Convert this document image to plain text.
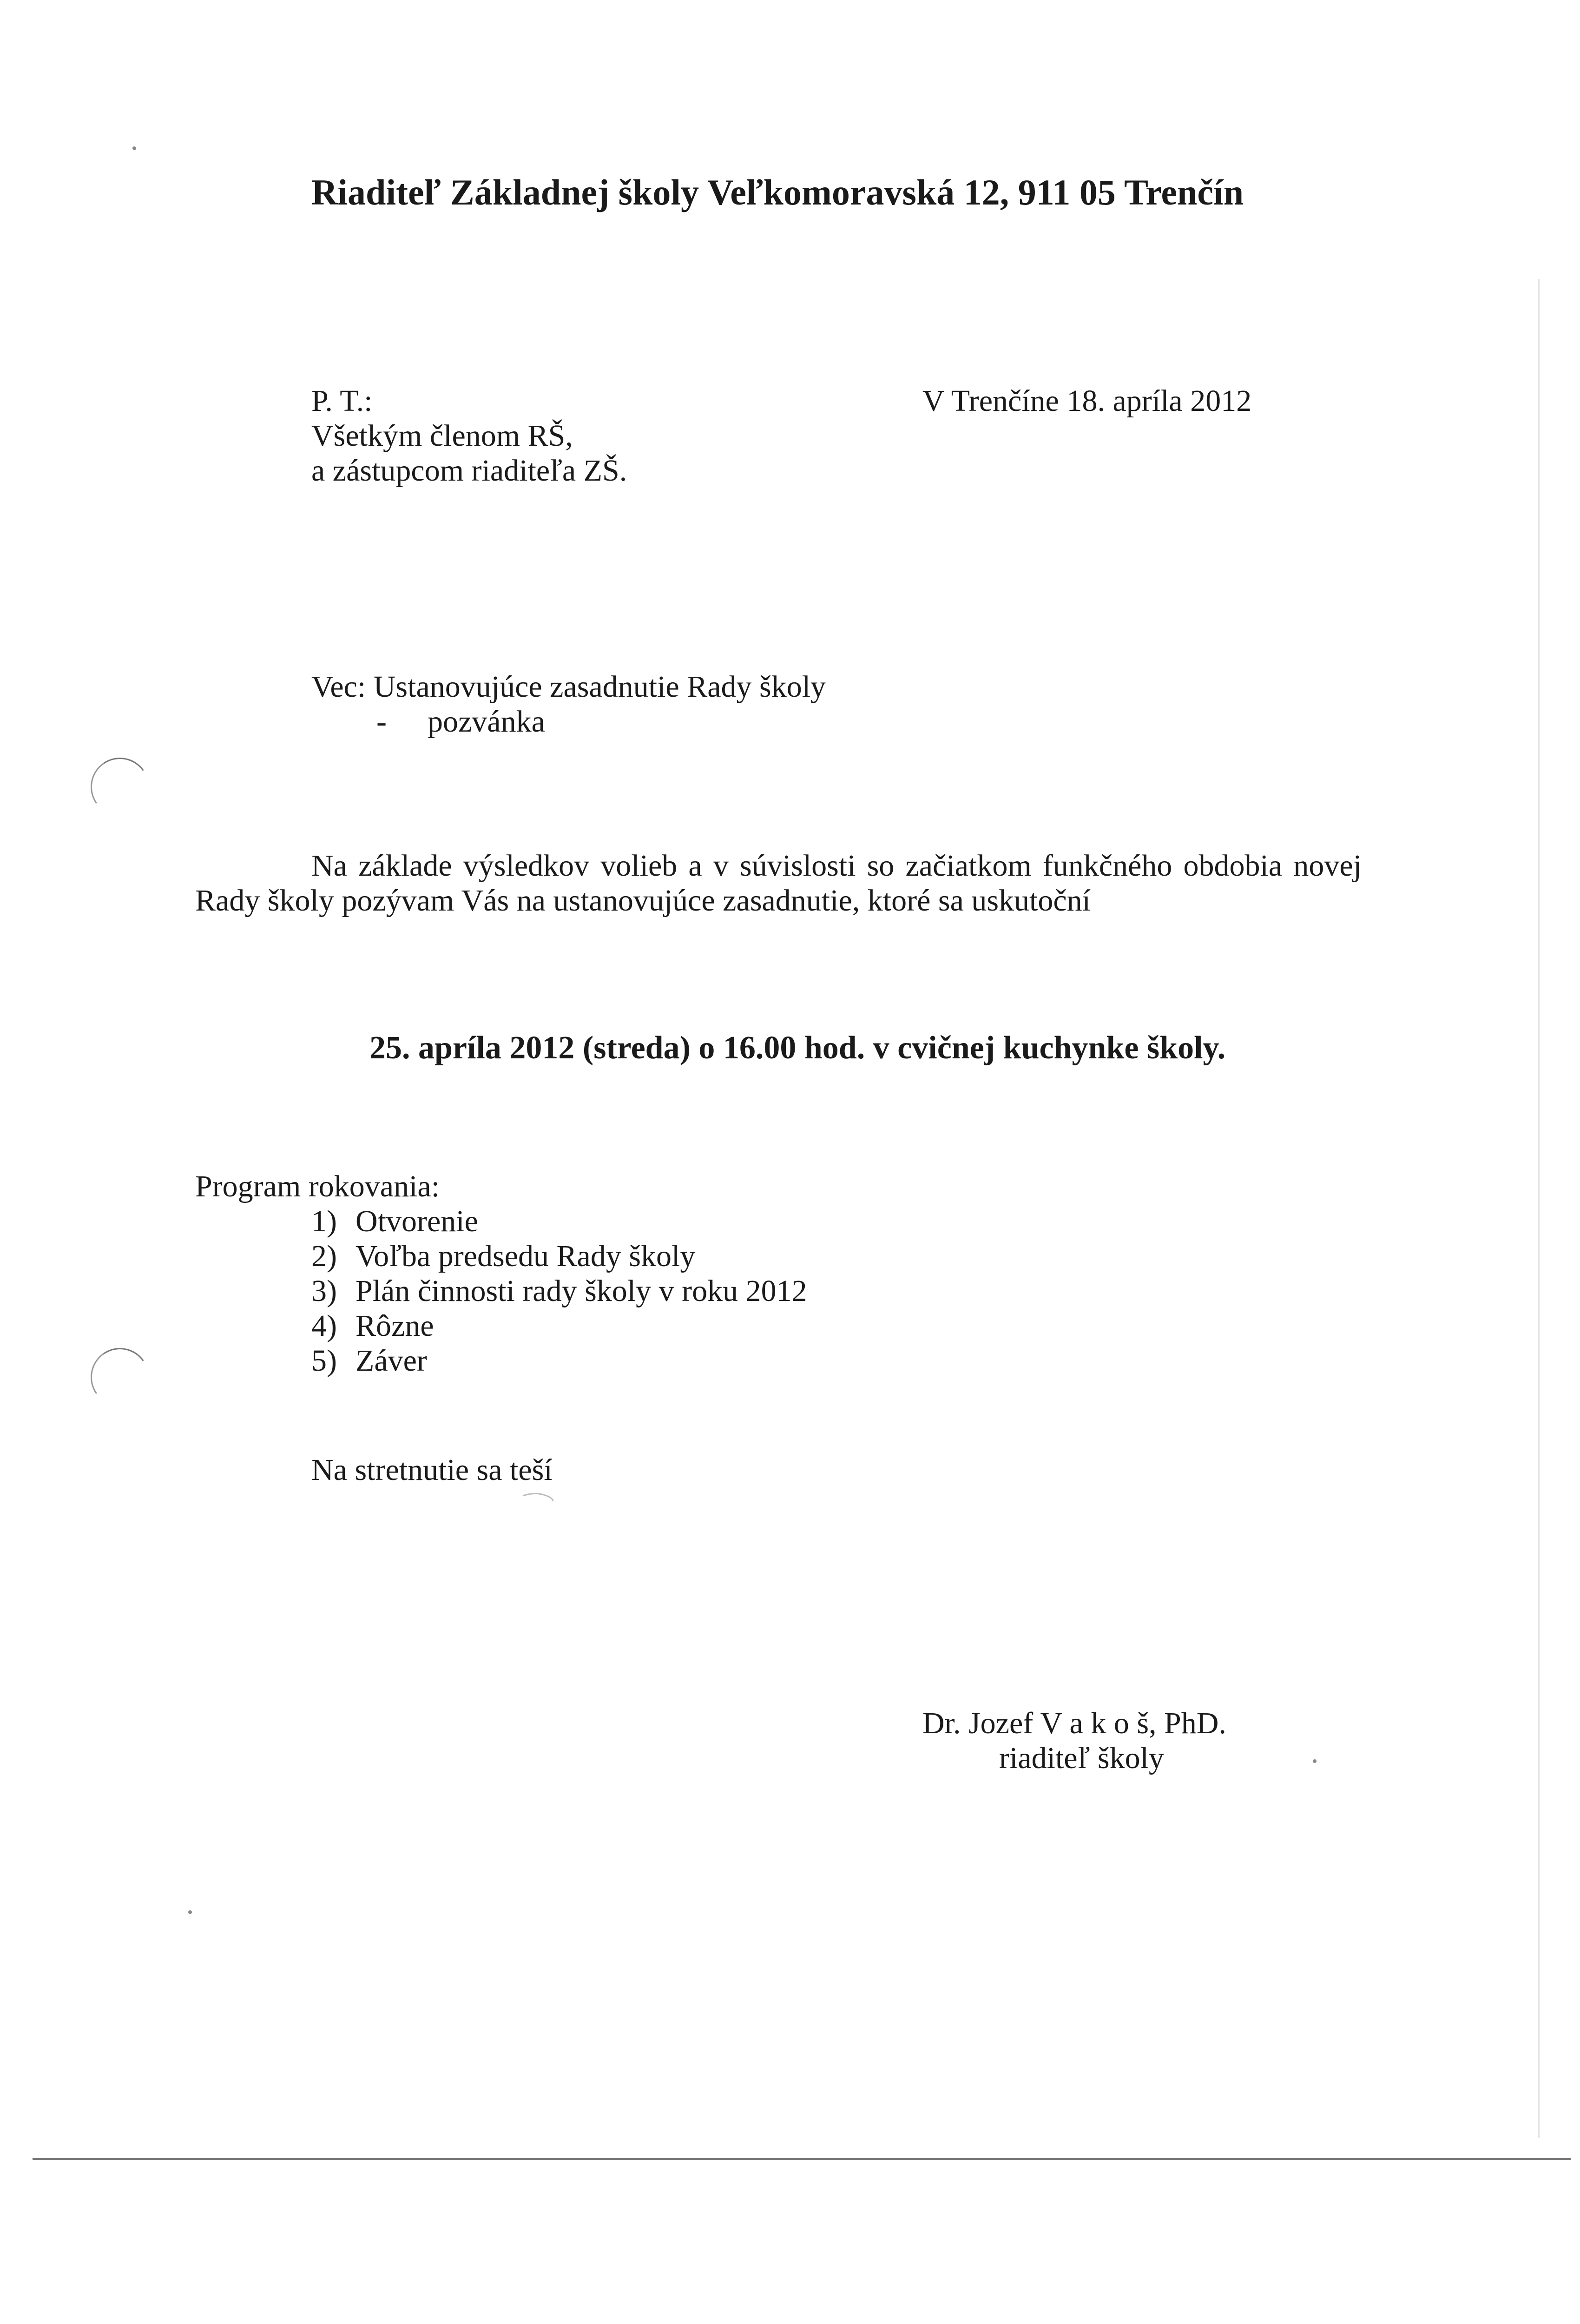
Riaditeľ Základnej školy Veľkomoravská 12, 911 05 Trenčín
P. T.:
Všetkým členom RŠ,
a zástupcom riaditeľa ZŠ.
V Trenčíne 18. apríla 2012
Vec: Ustanovujúce zasadnutie Rady školy
- pozvánka
Na základe výsledkov volieb a v súvislosti so začiatkom funkčného obdobia novej
Rady školy pozývam Vás na ustanovujúce zasadnutie, ktoré sa uskutoční
25. apríla 2012 (streda) o 16.00 hod. v cvičnej kuchynke školy.
Program rokovania:
1) Otvorenie
2) Voľba predsedu Rady školy
3) Plán činnosti rady školy v roku 2012
4) Rôzne
5) Záver
Na stretnutie sa teší
Dr. Jozef V a k o š, PhD.
riaditeľ školy
